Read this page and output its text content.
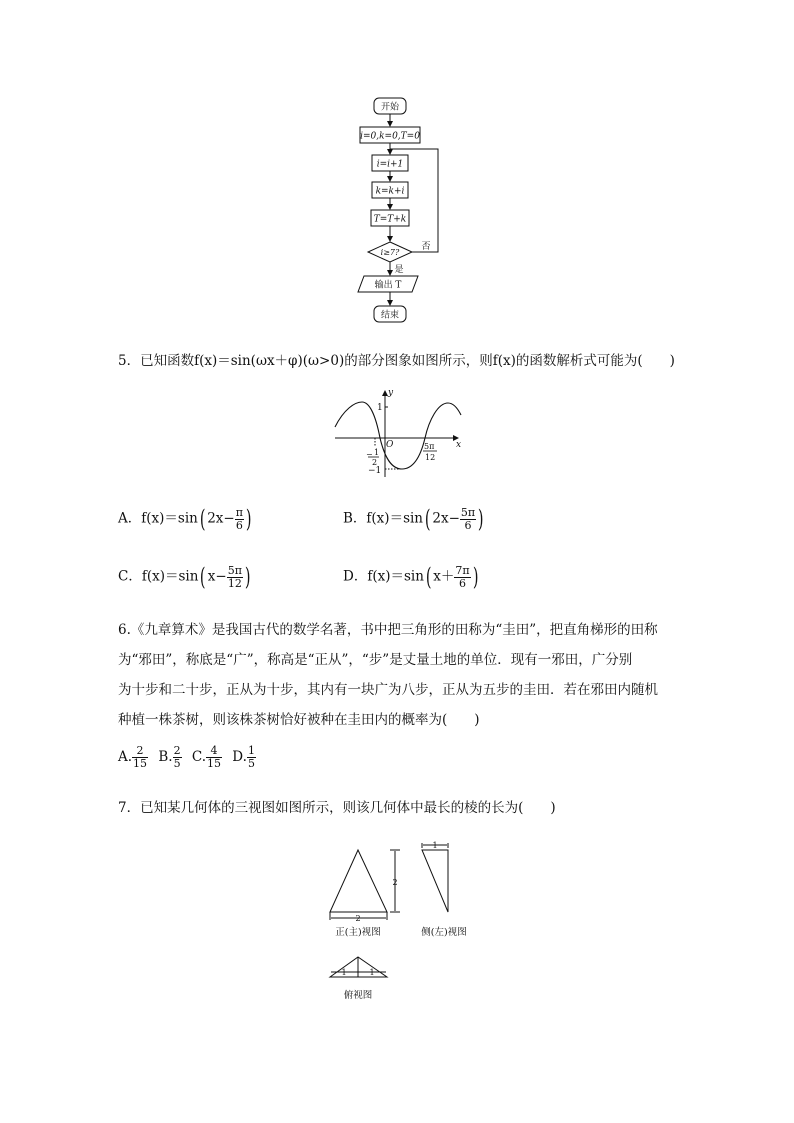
开始
i=0,k=0,T=0
i=i+1
k=k+i
T=T+k
i≥7?
否
是
输出 T
结束
5．已知函数f(x)＝sin(ωx＋φ)(ω>0)的部分图象如图所示，则f(x)的函数解析式可能为(　　)
y
x
O
1
−1
1
−
2
5π
12
A．f(x)＝sin( $2x- \frac{\pi}{6}$ )	B．f(x)＝sin( $2x- \frac{5\pi}{6}$ )
C．f(x)＝sin( $x- \frac{5\pi}{12}$ )	D．f(x)＝sin( $x+ \frac{7\pi}{6}$ )
6.《九章算术》是我国古代的数学名著，书中把三角形的田称为“圭田”，把直角梯形的田称
为“邪田”，称底是“广”，称高是“正从”，“步”是丈量土地的单位．现有一邪田，广分别
为十步和二十步，正从为十步，其内有一块广为八步，正从为五步的圭田．若在邪田内随机
种植一株茶树，则该株茶树恰好被种在圭田内的概率为(　　)
A. $\frac{2}{15} B$. $\frac{2}{5} C$. $\frac{4}{15} D$. $\frac{1}{5}$
7．已知某几何体的三视图如图所示，则该几何体中最长的棱的长为(　　)
2
2
1
1	1
正(主)视图	侧(左)视图
俯视图
